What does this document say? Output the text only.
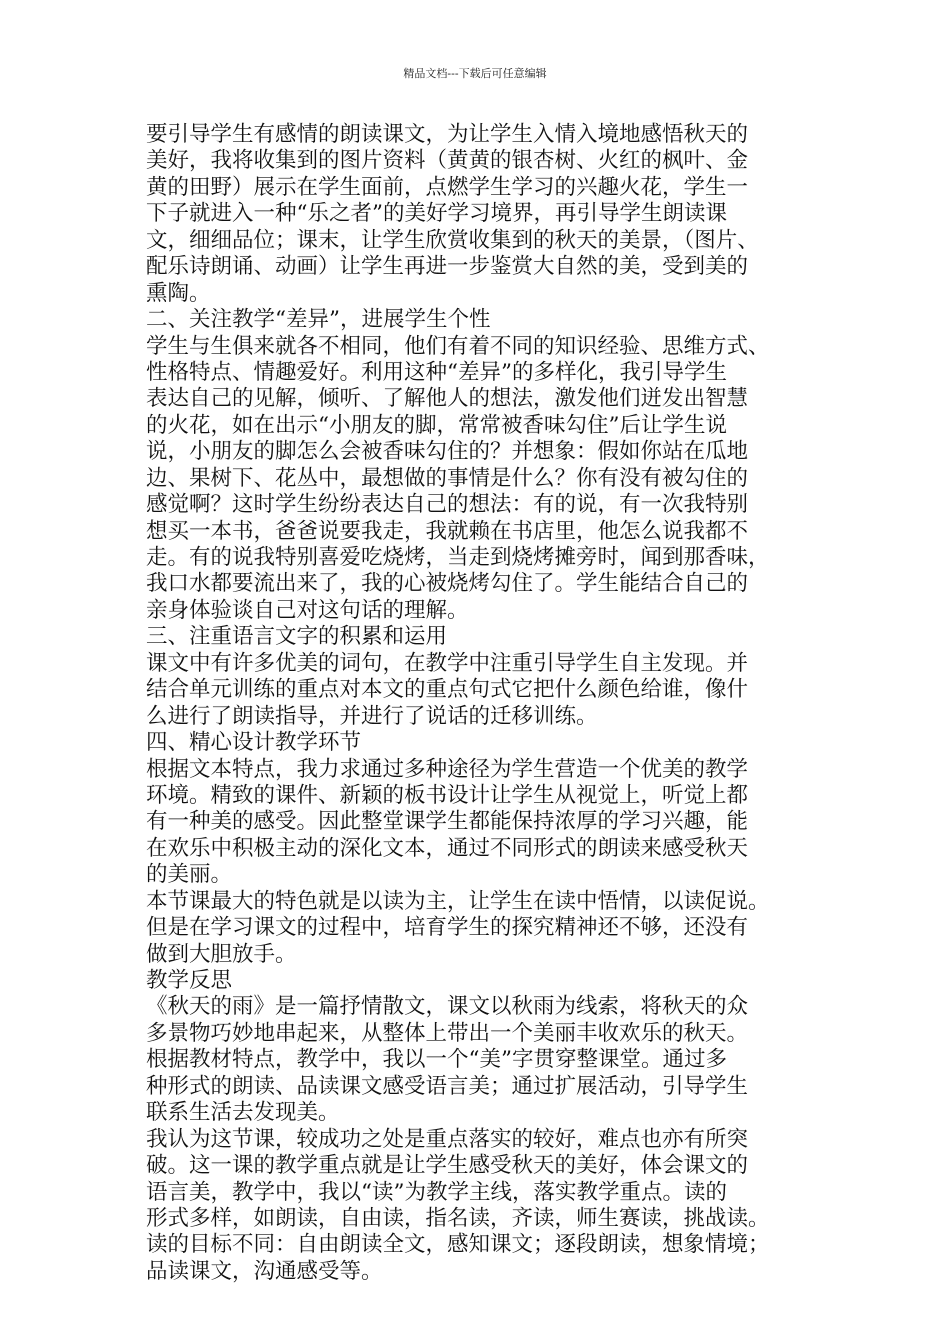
精品文档---下载后可任意编辑
要引导学生有感情的朗读课文，为让学生入情入境地感悟秋天的
美好，我将收集到的图片资料（黄黄的银杏树、火红的枫叶、金
黄的田野）展示在学生面前，点燃学生学习的兴趣火花，学生一
下子就进入一种“乐之者”的美好学习境界，再引导学生朗读课
文，细细品位；课末，让学生欣赏收集到的秋天的美景，（图片、
配乐诗朗诵、动画）让学生再进一步鉴赏大自然的美，受到美的
熏陶。
二、关注教学“差异”，进展学生个性
学生与生俱来就各不相同，他们有着不同的知识经验、思维方式、
性格特点、情趣爱好。利用这种“差异”的多样化，我引导学生
表达自己的见解，倾听、了解他人的想法，激发他们迸发出智慧
的火花，如在出示“小朋友的脚，常常被香味勾住”后让学生说
说，小朋友的脚怎么会被香味勾住的？并想象：假如你站在瓜地
边、果树下、花丛中，最想做的事情是什么？你有没有被勾住的
感觉啊？这时学生纷纷表达自己的想法：有的说，有一次我特别
想买一本书，爸爸说要我走，我就赖在书店里，他怎么说我都不
走。有的说我特别喜爱吃烧烤，当走到烧烤摊旁时，闻到那香味，
我口水都要流出来了，我的心被烧烤勾住了。学生能结合自己的
亲身体验谈自己对这句话的理解。
三、注重语言文字的积累和运用
课文中有许多优美的词句，在教学中注重引导学生自主发现。并
结合单元训练的重点对本文的重点句式它把什么颜色给谁，像什
么进行了朗读指导，并进行了说话的迁移训练。
四、精心设计教学环节
根据文本特点，我力求通过多种途径为学生营造一个优美的教学
环境。精致的课件、新颖的板书设计让学生从视觉上，听觉上都
有一种美的感受。因此整堂课学生都能保持浓厚的学习兴趣，能
在欢乐中积极主动的深化文本，通过不同形式的朗读来感受秋天
的美丽。
本节课最大的特色就是以读为主，让学生在读中悟情，以读促说。
但是在学习课文的过程中，培育学生的探究精神还不够，还没有
做到大胆放手。
教学反思
《秋天的雨》是一篇抒情散文，课文以秋雨为线索，将秋天的众
多景物巧妙地串起来，从整体上带出一个美丽丰收欢乐的秋天。
根据教材特点，教学中，我以一个“美”字贯穿整课堂。通过多
种形式的朗读、品读课文感受语言美；通过扩展活动，引导学生
联系生活去发现美。
我认为这节课，较成功之处是重点落实的较好，难点也亦有所突
破。这一课的教学重点就是让学生感受秋天的美好，体会课文的
语言美，教学中，我以“读”为教学主线，落实教学重点。读的
形式多样，如朗读，自由读，指名读，齐读，师生赛读，挑战读。
读的目标不同：自由朗读全文，感知课文；逐段朗读，想象情境；
品读课文，沟通感受等。
